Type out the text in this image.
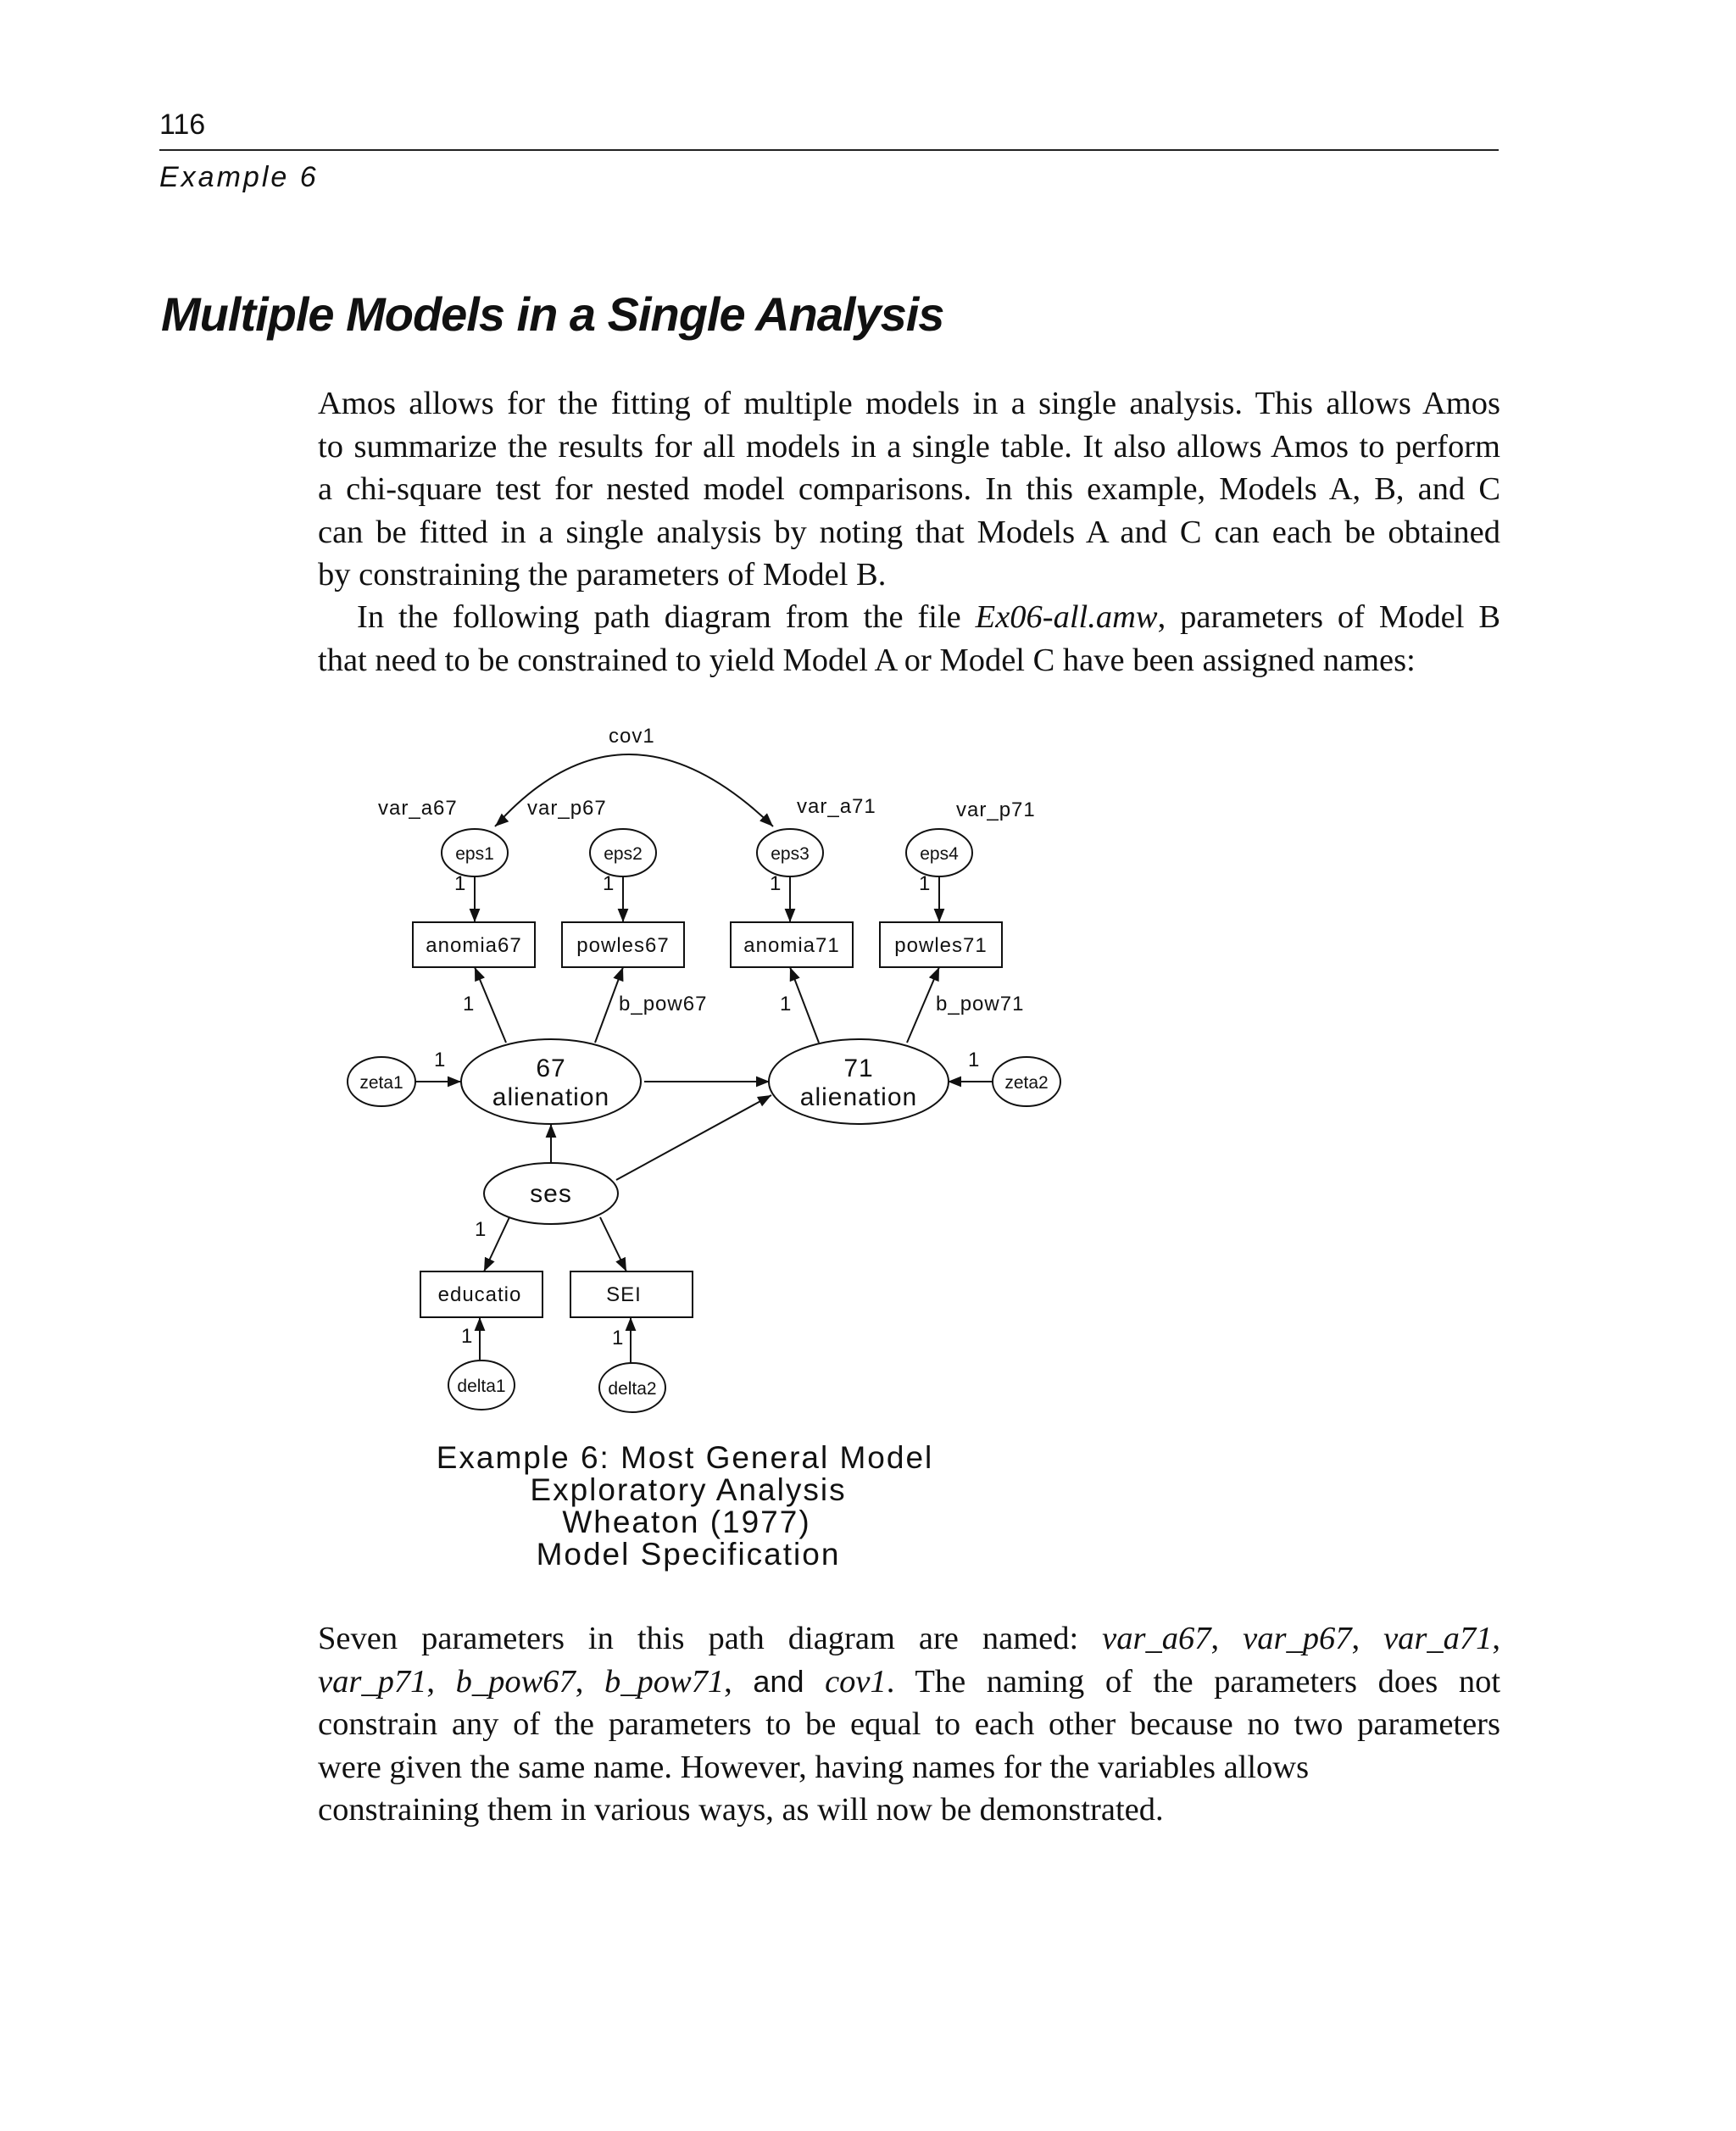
116
Example 6
Multiple Models in a Single Analysis

Amos allows for the fitting of multiple models in a single analysis. This allows Amos
to summarize the results for all models in a single table. It also allows Amos to perform
a chi-square test for nested model comparisons. In this example, Models A, B, and C
can be fitted in a single analysis by noting that Models A and C can each be obtained
by constraining the parameters of Model B.

In the following path diagram from the file Ex06-all.amw, parameters of Model B
that need to be constrained to yield Model A or Model C have been assigned names:

cov1
var_a67	var_p67	var_a71	var_p71
b_pow67	b_pow71
1	1	1	1
1	1
1	1
1
1	1
eps1	eps2	eps3	eps4
zeta1	zeta2
delta1	delta2
anomia67	powles67	anomia71	powles71
educatio	SEI
67
alienation
71
alienation
ses
Example 6: Most General Model
Exploratory Analysis
Wheaton (1977)
Model Specification

Seven parameters in this path diagram are named: var_a67, var_p67, var_a71,
var_p71, b_pow67, b_pow71, and cov1. The naming of the parameters does not
constrain any of the parameters to be equal to each other because no two parameters
were given the same name. However, having names for the variables allows
constraining them in various ways, as will now be demonstrated.
